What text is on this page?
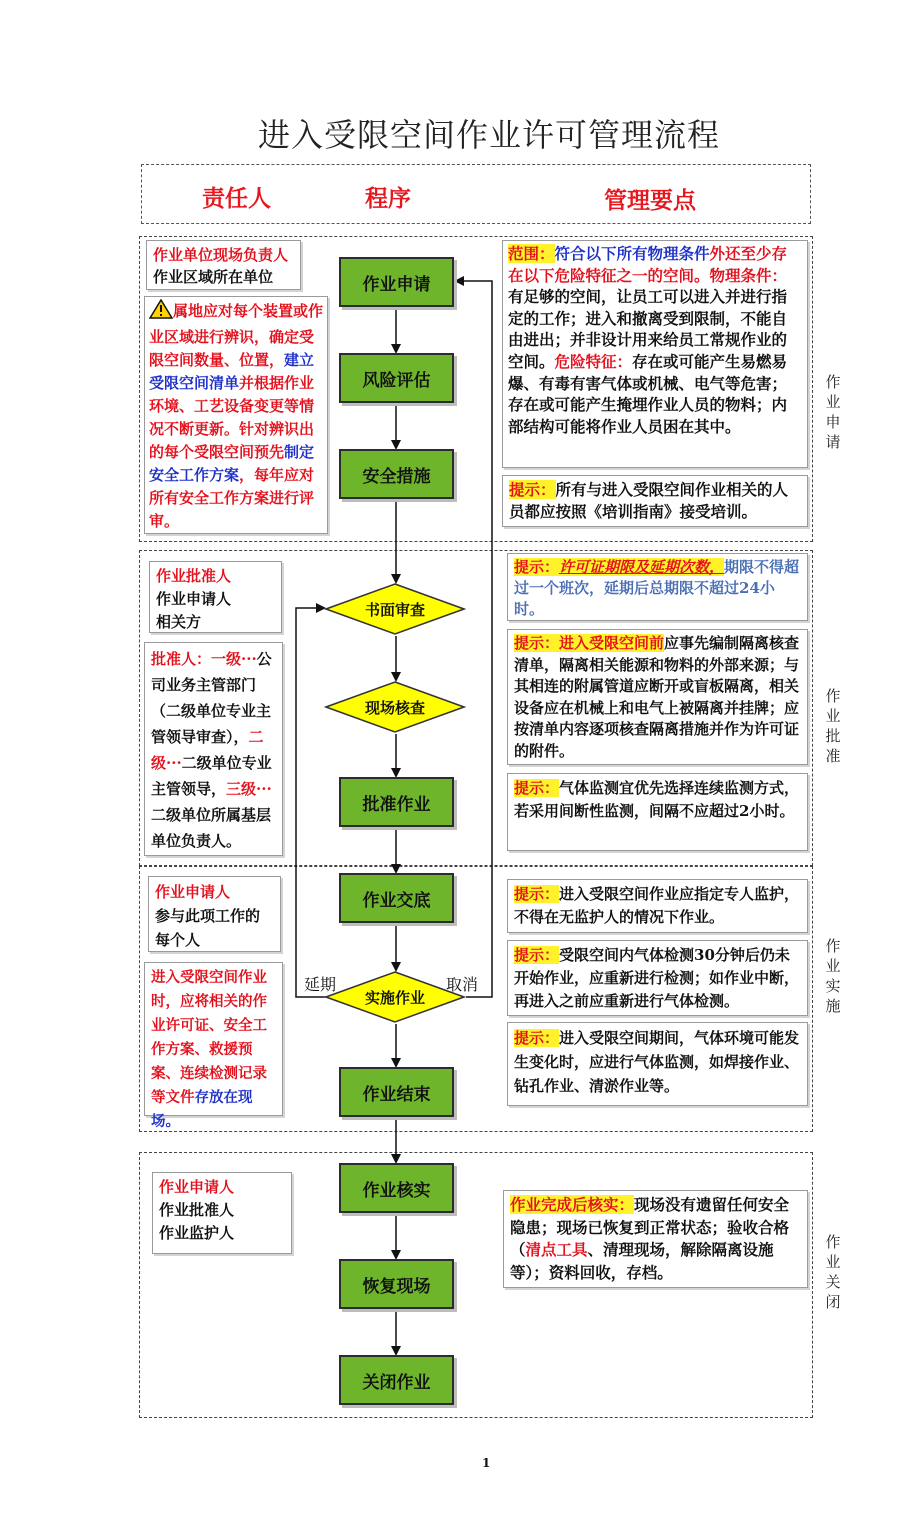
进入受限空间作业许可管理流程
责任人	程序	管理要点
作业申请
风险评估
安全措施
批准作业
作业交底
作业结束
作业核实
恢复现场
关闭作业
书面审查
现场核查
实施作业
延期	取消
作业申请
作业批准
作业实施
作业关闭
作业单位现场负责人
作业区域所在单位
属地应对每个装置或作业区域进行辨识，确定受限空间数量、位置，建立受限空间清单并根据作业环境、工艺设备变更等情况不断更新。针对辨识出的每个受限空间预先制定安全工作方案，每年应对所有安全工作方案进行评审。
作业批准人
作业申请人
相关方
批准人：一级···公司业务主管部门（二级单位专业主管领导审查），二级···二级单位专业主管领导，三级···二级单位所属基层单位负责人。
作业申请人
参与此项工作的每个人
进入受限空间作业时，应将相关的作业许可证、安全工作方案、救援预案、连续检测记录等文件存放在现场。
作业申请人
作业批准人
作业监护人
范围：符合以下所有物理条件外还至少存在以下危险特征之一的空间。物理条件：有足够的空间，让员工可以进入并进行指定的工作；进入和撤离受到限制，不能自由进出；并非设计用来给员工常规作业的空间。危险特征：存在或可能产生易燃易爆、有毒有害气体或机械、电气等危害；存在或可能产生掩埋作业人员的物料；内部结构可能将作业人员困在其中。
提示：所有与进入受限空间作业相关的人员都应按照《培训指南》接受培训。
提示：许可证期限及延期次数，期限不得超过一个班次，延期后总期限不超过24小时。
提示：进入受限空间前应事先编制隔离核查清单，隔离相关能源和物料的外部来源；与其相连的附属管道应断开或盲板隔离，相关设备应在机械上和电气上被隔离并挂牌；应按清单内容逐项核查隔离措施并作为许可证的附件。
提示：气体监测宜优先选择连续监测方式，若采用间断性监测，间隔不应超过2小时。
提示：进入受限空间作业应指定专人监护，不得在无监护人的情况下作业。
提示：受限空间内气体检测30分钟后仍未开始作业，应重新进行检测；如作业中断，再进入之前应重新进行气体检测。
提示：进入受限空间期间，气体环境可能发生变化时，应进行气体监测，如焊接作业、钻孔作业、清淤作业等。
作业完成后核实：现场没有遗留任何安全隐患；现场已恢复到正常状态；验收合格（清点工具、清理现场，解除隔离设施等）；资料回收，存档。
1
